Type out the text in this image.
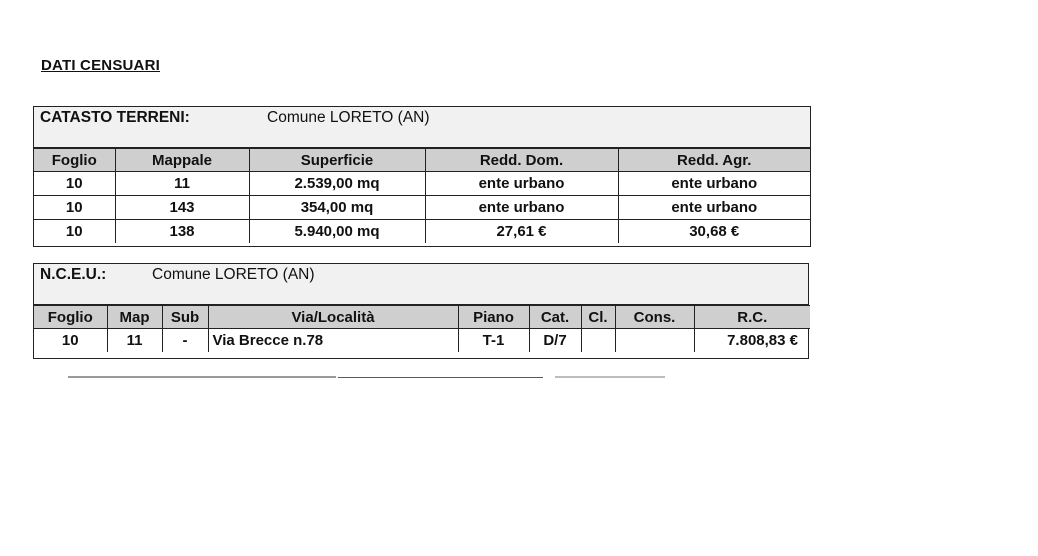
DATI CENSUARI
CATASTO TERRENI:	Comune LORETO (AN)
Foglio	Mappale	Superficie	Redd. Dom.	Redd. Agr.
10	11	2.539,00 mq	ente urbano	ente urbano
10	143	354,00 mq	ente urbano	ente urbano
10	138	5.940,00 mq	27,61 €	30,68 €
N.C.E.U.:	Comune LORETO (AN)
Foglio	Map	Sub	Via/Località	Piano	Cat.	Cl.	Cons.	R.C.
10	11	-	Via Brecce n.78	T-1	D/7			7.808,83 €
